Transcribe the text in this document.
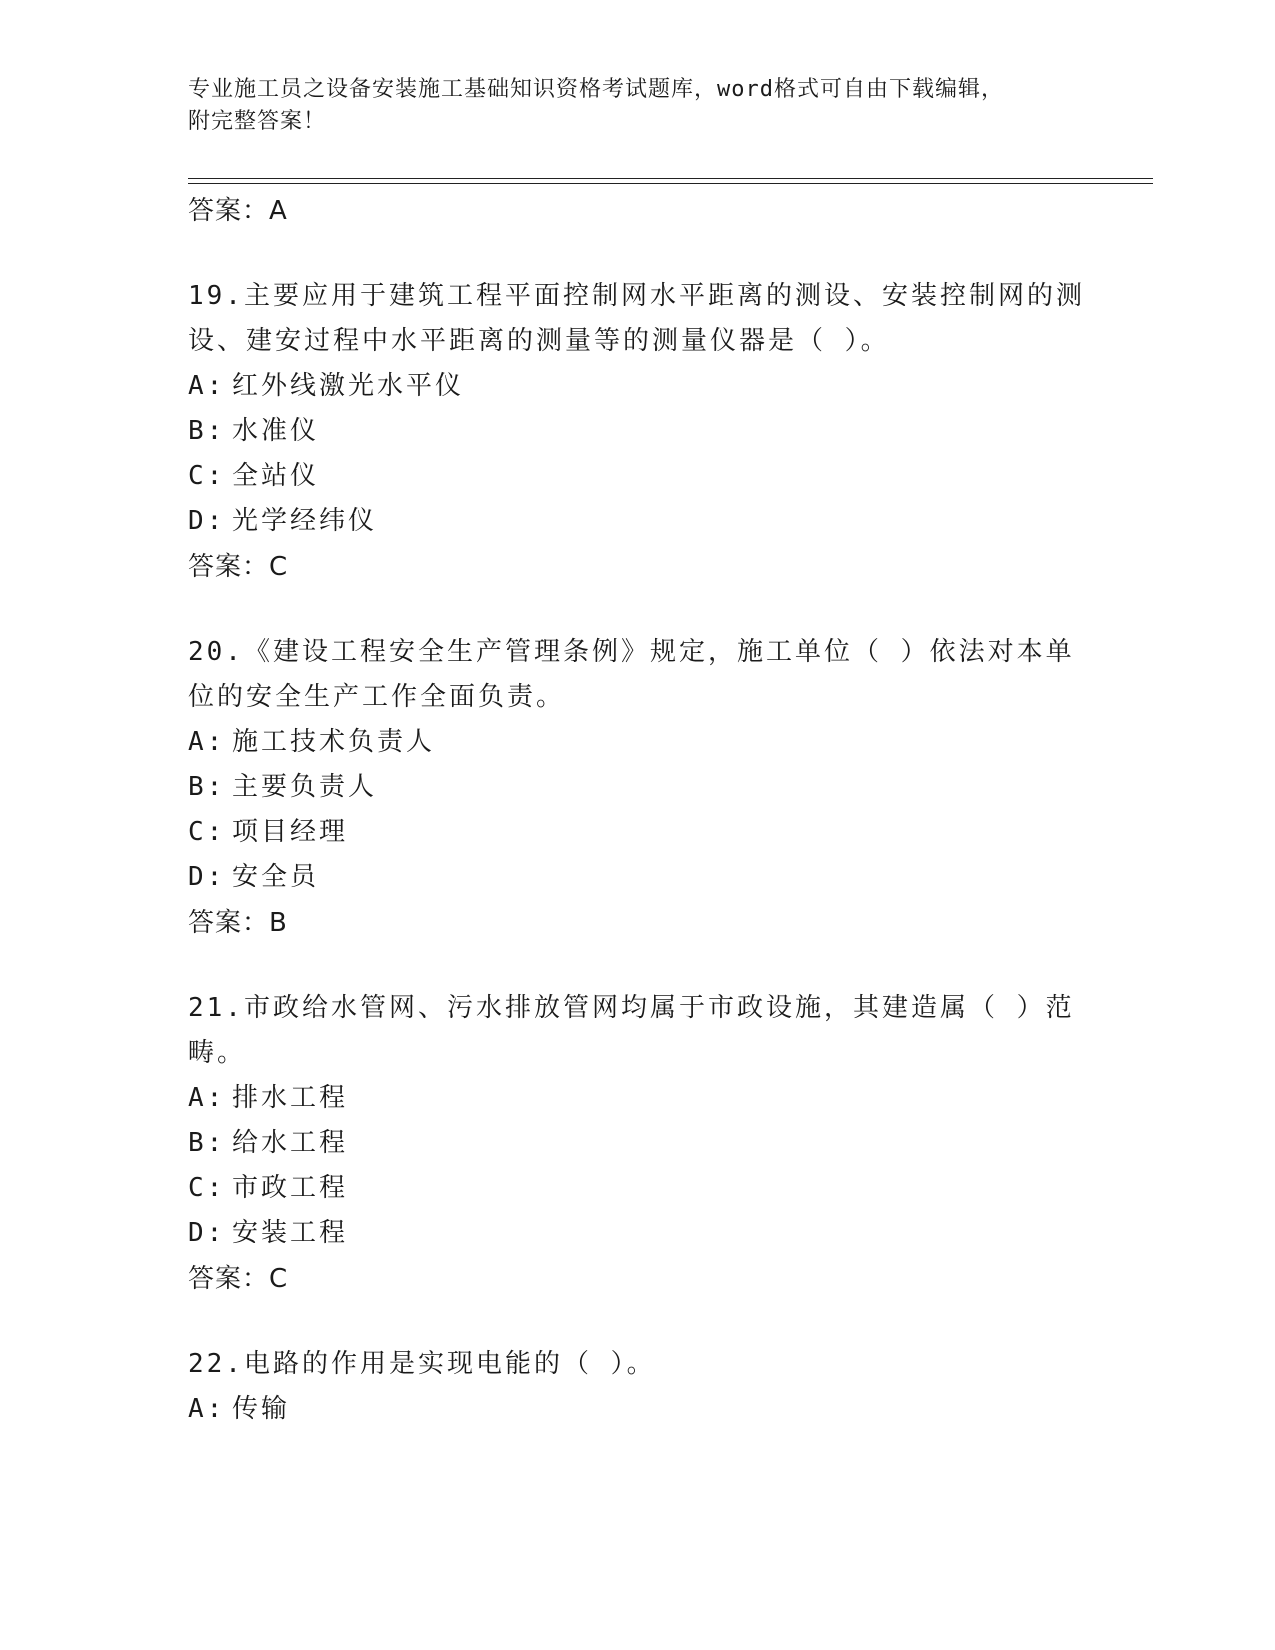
专业施工员之设备安装施工基础知识资格考试题库，word格式可自由下载编辑，
附完整答案！
答案：A
19.主要应用于建筑工程平面控制网水平距离的测设、安装控制网的测设、建安过程中水平距离的测量等的测量仪器是（ ）。
A: 红外线激光水平仪
B: 水准仪
C: 全站仪
D: 光学经纬仪
答案：C
20.《建设工程安全生产管理条例》规定，施工单位（ ）依法对本单位的安全生产工作全面负责。
A: 施工技术负责人
B: 主要负责人
C: 项目经理
D: 安全员
答案：B
21.市政给水管网、污水排放管网均属于市政设施，其建造属（ ）范畴。
A: 排水工程
B: 给水工程
C: 市政工程
D: 安装工程
答案：C
22.电路的作用是实现电能的（ ）。
A: 传输
